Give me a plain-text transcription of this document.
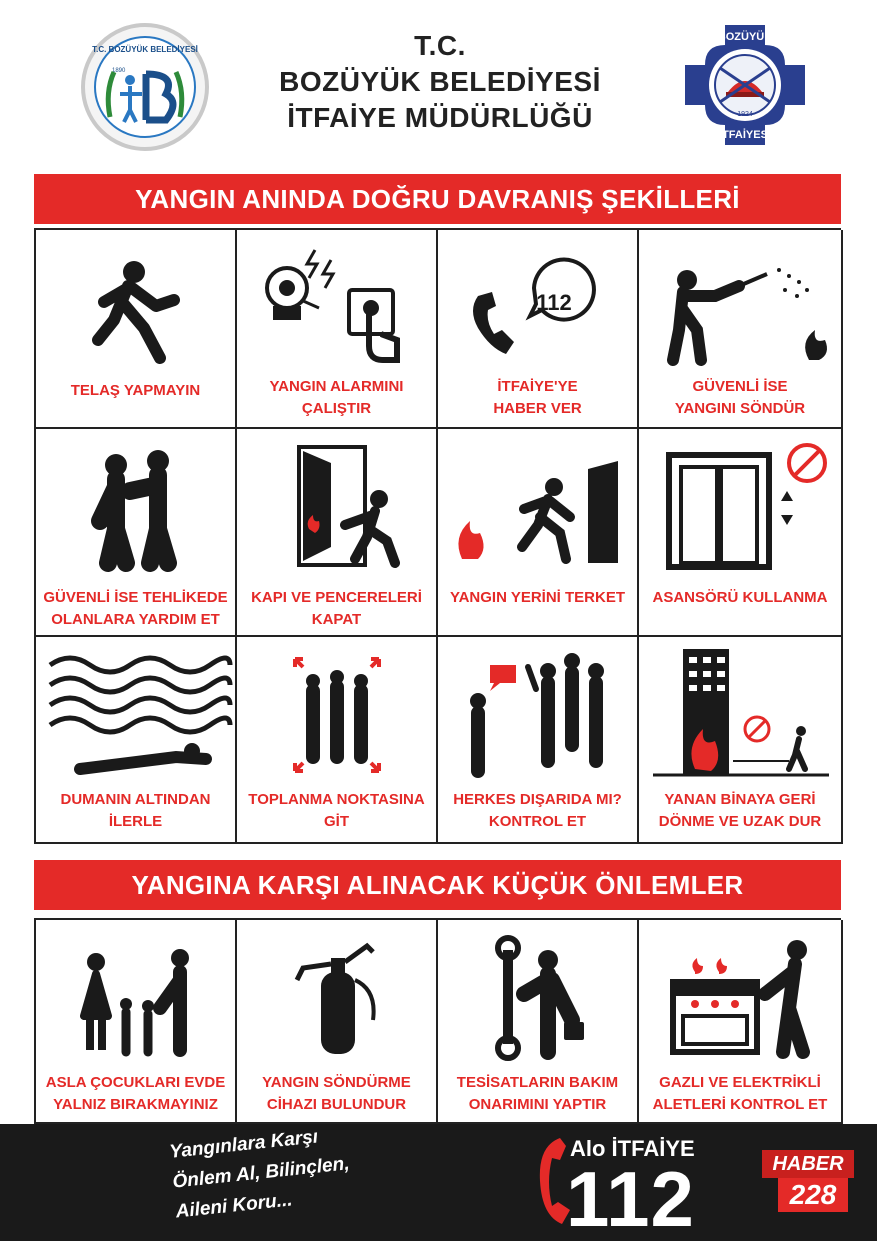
T.C. BOZÜYÜK BELEDİYESİ
1890
T.C.
BOZÜYÜK BELEDİYESİ
İTFAİYE MÜDÜRLÜĞÜ
BOZÜYÜK
İTFAİYESİ
1924
YANGIN ANINDA DOĞRU DAVRANIŞ ŞEKİLLERİ
TELAŞ YAPMAYIN	YANGIN ALARMINI
ÇALIŞTIR
112
İTFAİYE'YE
HABER VER
GÜVENLİ İSE
YANGINI SÖNDÜR
GÜVENLİ İSE TEHLİKEDE
OLANLARA YARDIM ET
KAPI VE PENCERELERİ
KAPAT
YANGIN YERİNİ TERKET	ASANSÖRÜ KULLANMA
DUMANIN ALTINDAN
İLERLE
TOPLANMA NOKTASINA
GİT
HERKES DIŞARIDA MI?
KONTROL ET
YANAN BİNAYA GERİ
DÖNME VE UZAK DUR
YANGINA KARŞI ALINACAK KÜÇÜK ÖNLEMLER
ASLA ÇOCUKLARI EVDE
YALNIZ BIRAKMAYINIZ
YANGIN SÖNDÜRME
CİHAZI BULUNDUR
TESİSATLARIN BAKIM
ONARIMINI YAPTIR
GAZLI VE ELEKTRİKLİ
ALETLERİ KONTROL ET
Yangınlara Karşı
Önlem Al, Bilinçlen,
Aileni Koru...
Alo İTFAİYE
112	HABER
228
